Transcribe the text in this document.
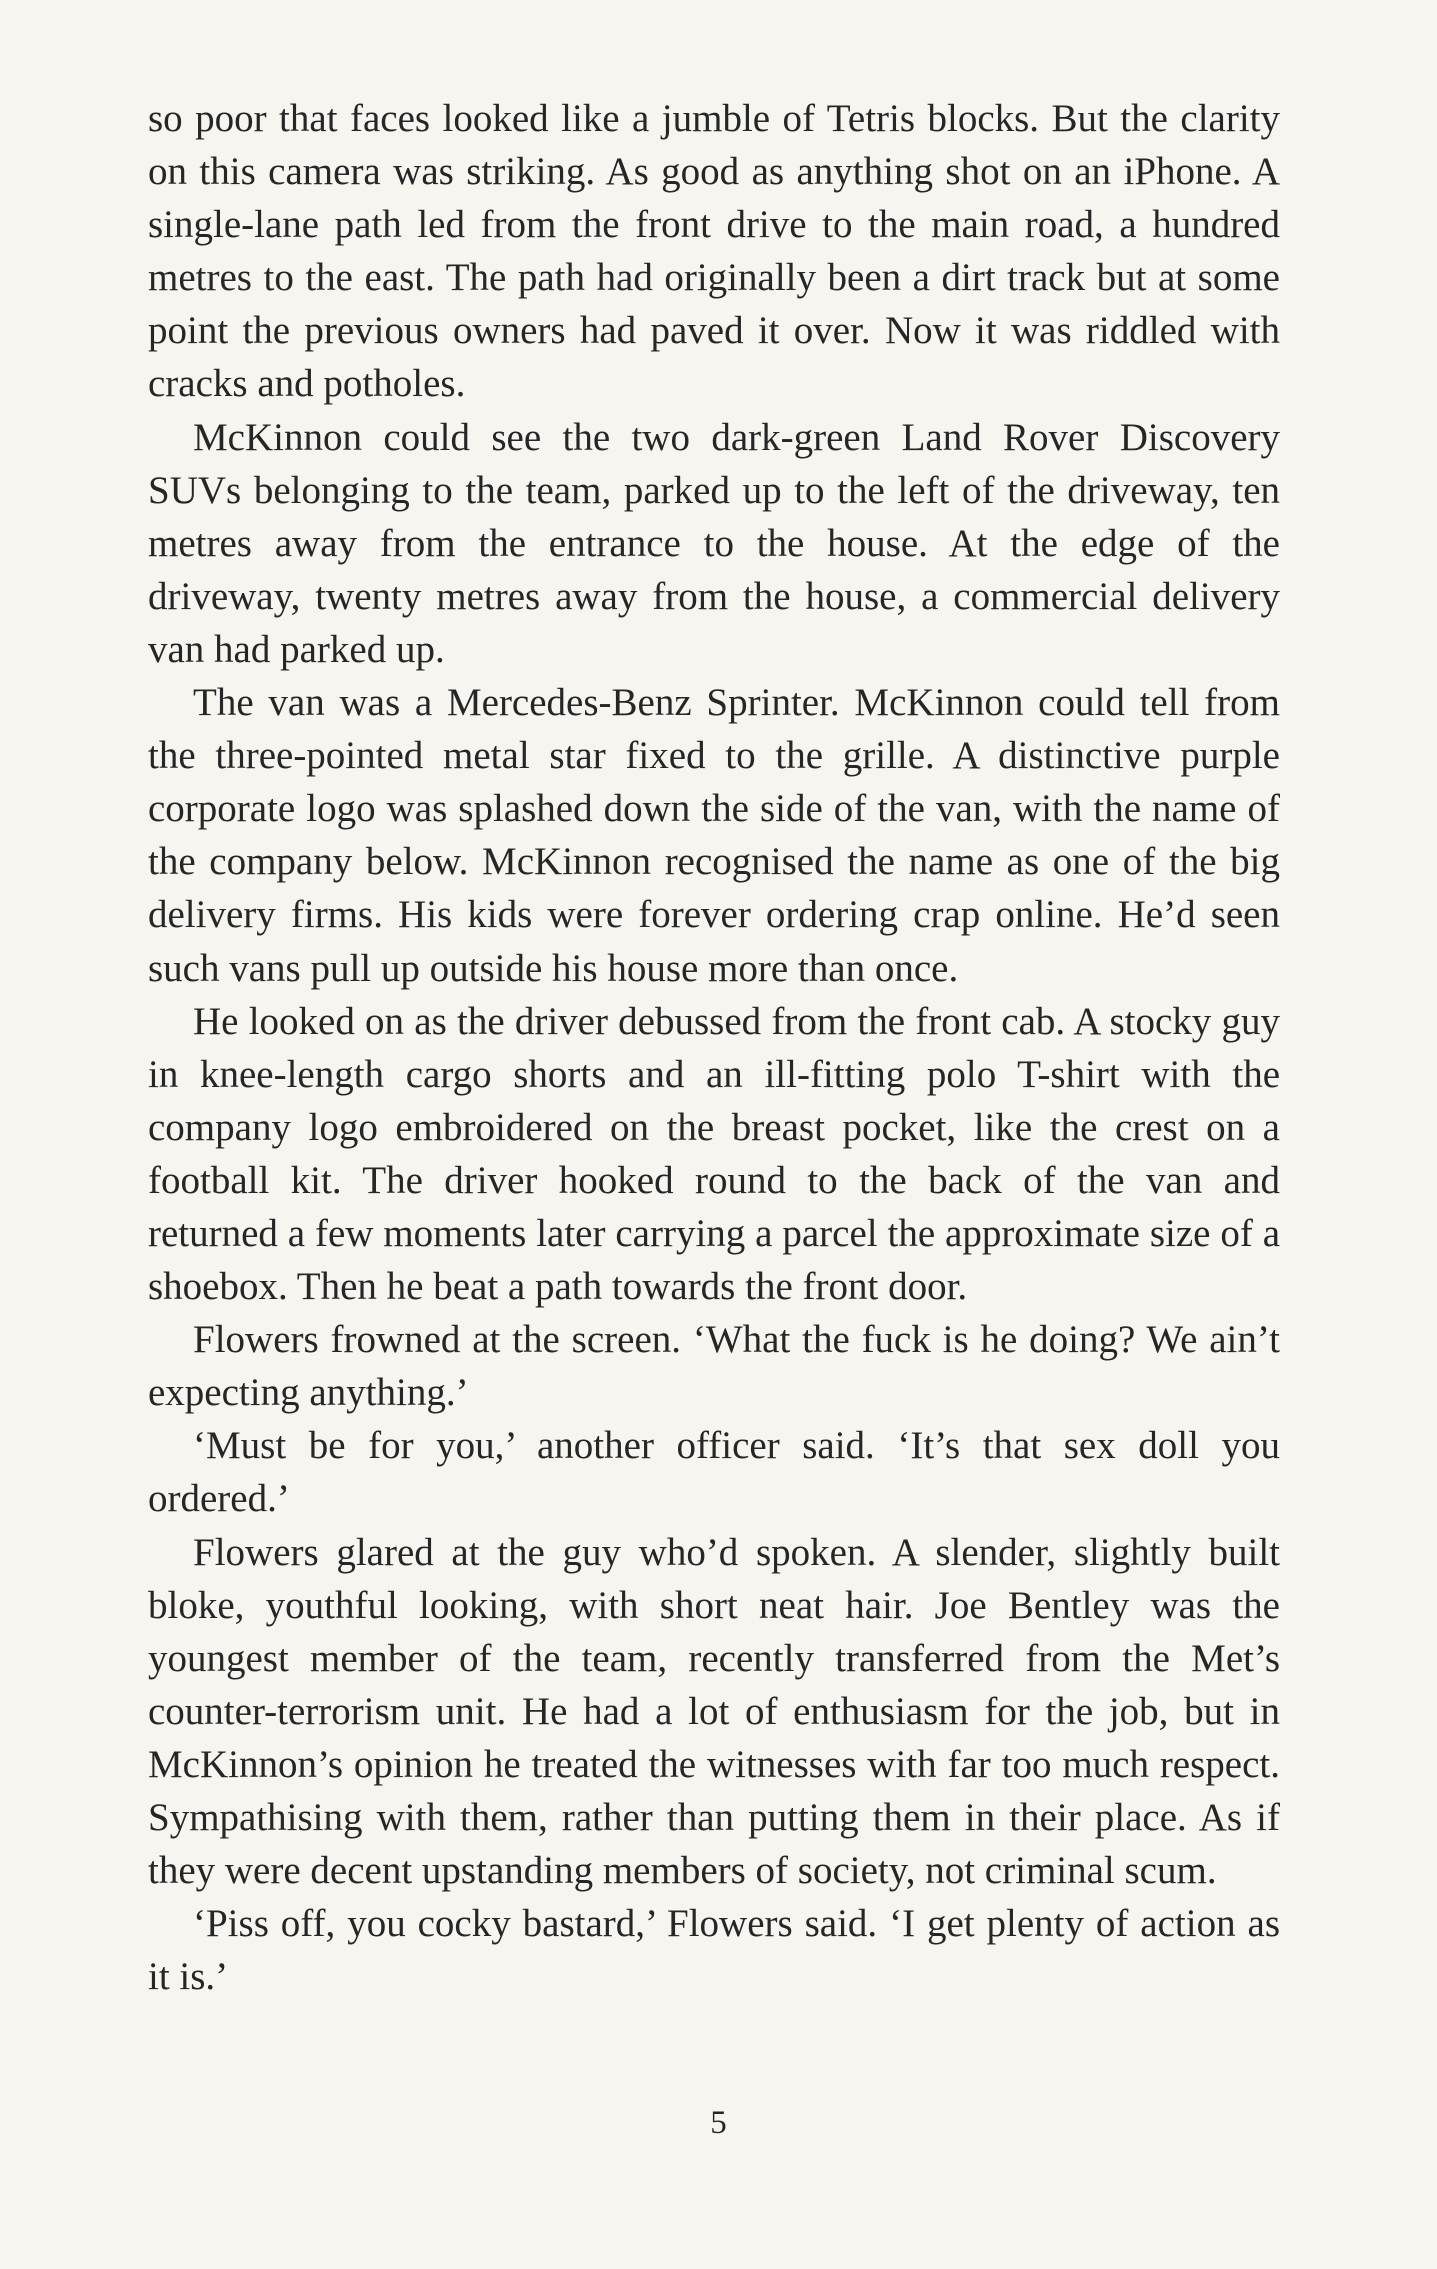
so poor that faces looked like a jumble of Tetris blocks. But the clarity on this camera was striking. As good as anything shot on an iPhone. A single-lane path led from the front drive to the main road, a hundred metres to the east. The path had originally been a dirt track but at some point the previous owners had paved it over. Now it was riddled with cracks and potholes.

McKinnon could see the two dark-green Land Rover Discovery SUVs belonging to the team, parked up to the left of the driveway, ten metres away from the entrance to the house. At the edge of the driveway, twenty metres away from the house, a commercial delivery van had parked up.

The van was a Mercedes-Benz Sprinter. McKinnon could tell from the three-pointed metal star fixed to the grille. A distinctive purple corporate logo was splashed down the side of the van, with the name of the company below. McKinnon recognised the name as one of the big delivery firms. His kids were forever ordering crap online. He’d seen such vans pull up outside his house more than once.

He looked on as the driver debussed from the front cab. A stocky guy in knee-length cargo shorts and an ill-fitting polo T-shirt with the company logo embroidered on the breast pocket, like the crest on a football kit. The driver hooked round to the back of the van and returned a few moments later carrying a parcel the approximate size of a shoebox. Then he beat a path towards the front door.

Flowers frowned at the screen. ‘What the fuck is he doing? We ain’t expecting anything.’

‘Must be for you,’ another officer said. ‘It’s that sex doll you ordered.’

Flowers glared at the guy who’d spoken. A slender, slightly built bloke, youthful looking, with short neat hair. Joe Bentley was the youngest member of the team, recently transferred from the Met’s counter-terrorism unit. He had a lot of enthusiasm for the job, but in McKinnon’s opinion he treated the witnesses with far too much respect. Sympathising with them, rather than putting them in their place. As if they were decent upstanding members of society, not criminal scum.

‘Piss off, you cocky bastard,’ Flowers said. ‘I get plenty of action as it is.’

5
